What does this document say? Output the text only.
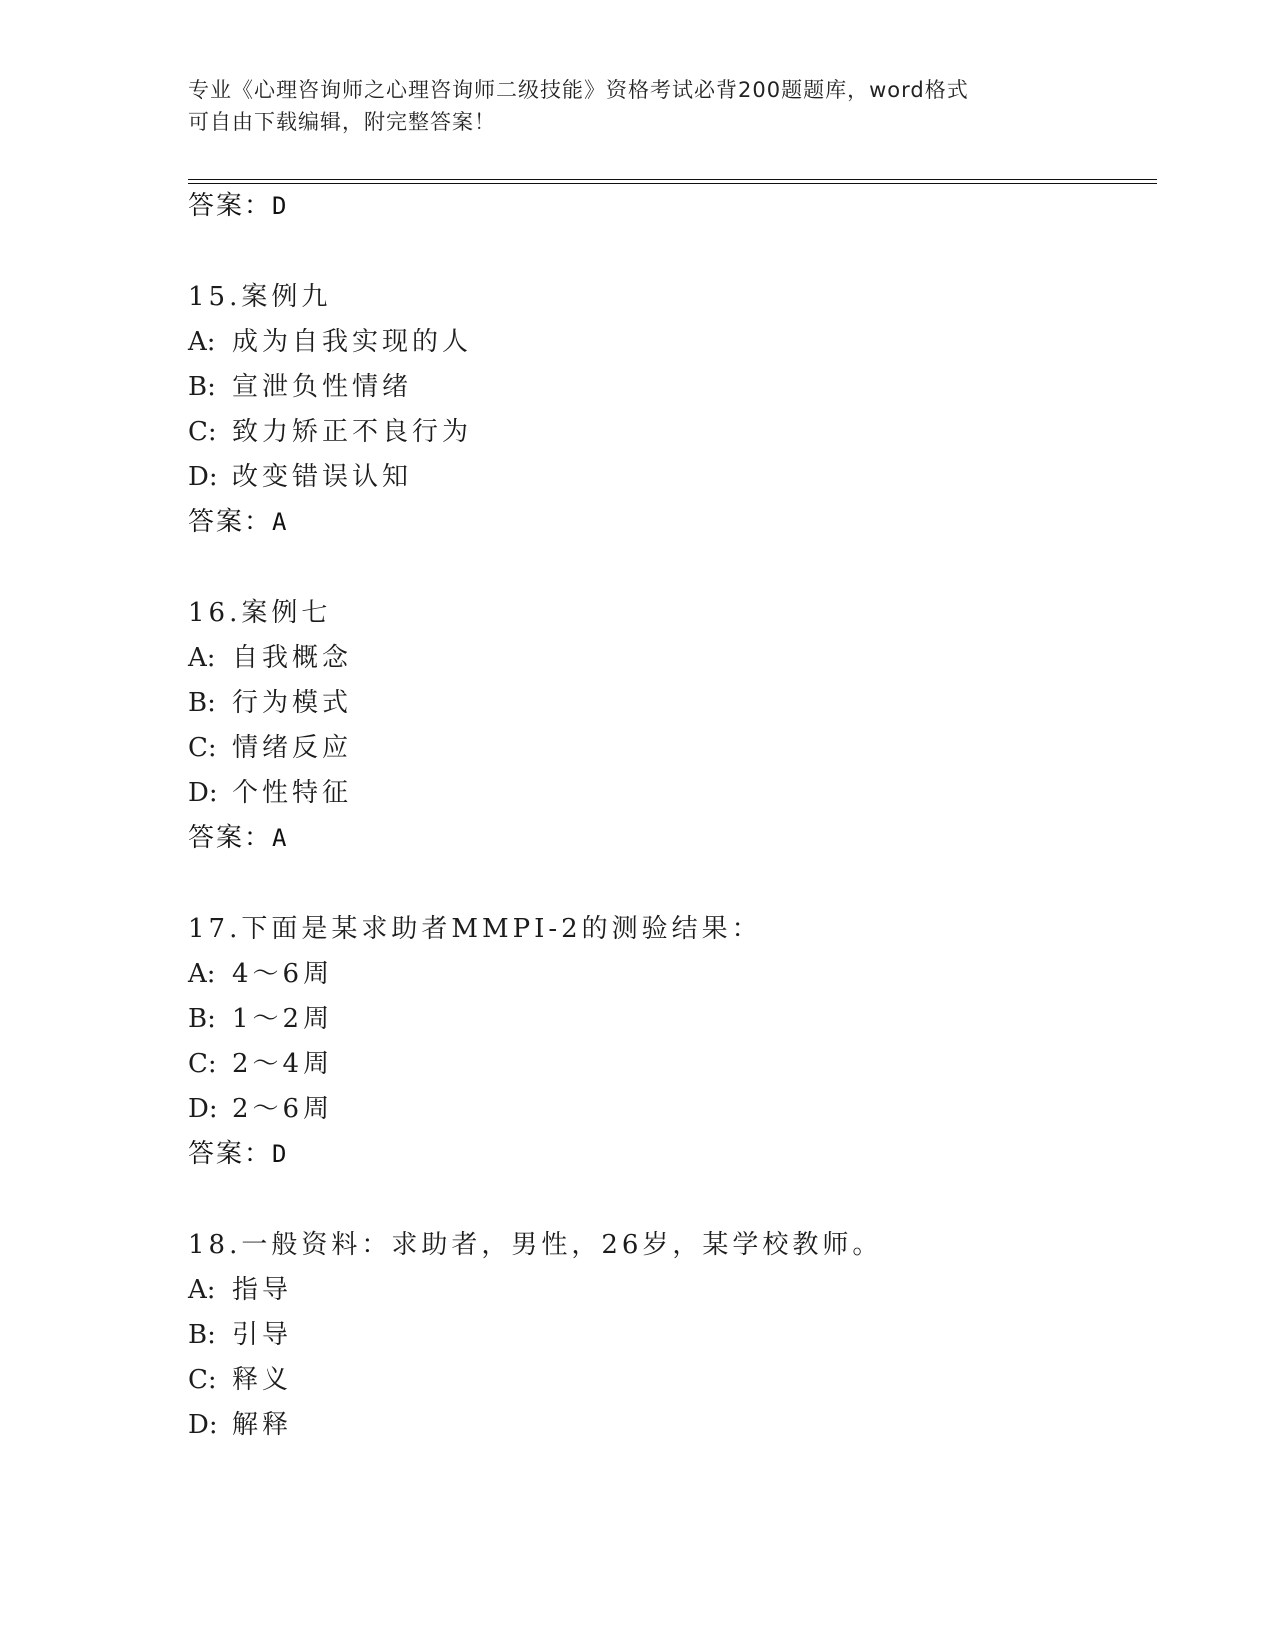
专业《心理咨询师之心理咨询师二级技能》资格考试必背200题题库，word格式
可自由下载编辑，附完整答案！
答案：D
15.案例九
A: 成为自我实现的人
B: 宣泄负性情绪
C: 致力矫正不良行为
D: 改变错误认知
答案：A
16.案例七
A: 自我概念
B: 行为模式
C: 情绪反应
D: 个性特征
答案：A
17.下面是某求助者MMPI-2的测验结果：
A: 4～6周
B: 1～2周
C: 2～4周
D: 2～6周
答案：D
18.一般资料：求助者，男性，26岁，某学校教师。
A: 指导
B: 引导
C: 释义
D: 解释
